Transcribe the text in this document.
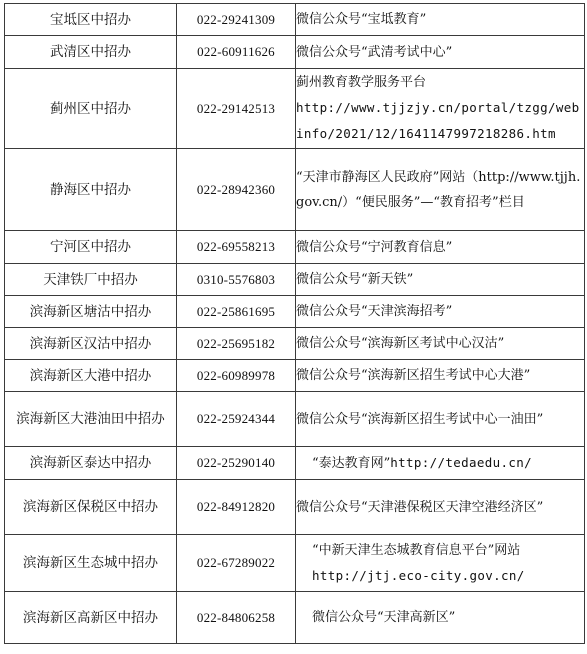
宝坻区中招办	022-29241309	微信公众号“宝坻教育”
武清区中招办	022-60911626	微信公众号“武清考试中心”
蓟州区中招办	022-29142513	蓟州教育教学服务平台
http://www.tjjzjy.cn/portal/tzgg/webinfo/2021/12/1641147997218286.htm
静海区中招办	022-28942360	“天津市静海区人民政府”网站（http://www.tjjh.gov.cn/）“便民服务”—“教育招考”栏目
宁河区中招办	022-69558213	微信公众号“宁河教育信息”
天津铁厂中招办	0310-5576803	微信公众号“新天铁”
滨海新区塘沽中招办	022-25861695	微信公众号“天津滨海招考”
滨海新区汉沽中招办	022-25695182	微信公众号“滨海新区考试中心汉沽”
滨海新区大港中招办	022-60989978	微信公众号“滨海新区招生考试中心大港”
滨海新区大港油田中招办	022-25924344	微信公众号“滨海新区招生考试中心一油田”
滨海新区泰达中招办	022-25290140	“泰达教育网”http://tedaedu.cn/
滨海新区保税区中招办	022-84912820	微信公众号“天津港保税区天津空港经济区”
滨海新区生态城中招办	022-67289022	“中新天津生态城教育信息平台”网站
http://jtj.eco-city.gov.cn/
滨海新区高新区中招办	022-84806258	微信公众号“天津高新区”
